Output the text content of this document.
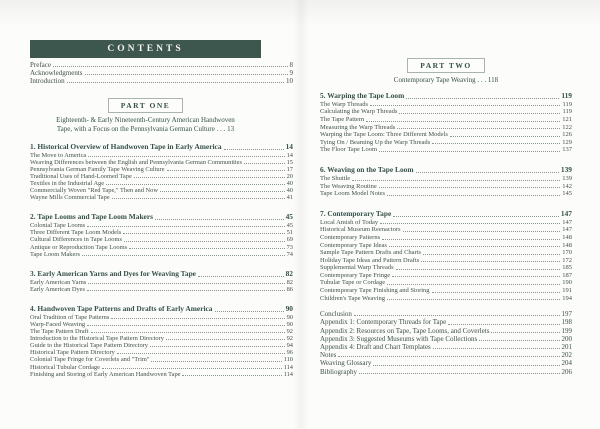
CONTENTS
Preface	8
Acknowledgments	9
Introduction	10
PART ONE
Eighteenth- & Early Nineteenth-Century American Handwoven
Tape, with a Focus on the Pennsylvania German Culture . . . 13
1. Historical Overview of Handwoven Tape in Early America	14
The Move to America	14
Weaving Differences between the English and Pennsylvania German Communities	15
Pennsylvania German Family Tape Weaving Culture	17
Traditional Uses of Hand-Loomed Tape	20
Textiles in the Industrial Age	40
Commercially Woven "Red Tape," Then and Now	40
Wayne Mills Commercial Tape	41
2. Tape Looms and Tape Loom Makers	45
Colonial Tape Looms	45
Three Different Tape Loom Models	51
Cultural Differences in Tape Looms	69
Antique or Reproduction Tape Looms	73
Tape Loom Makers	74
3. Early American Yarns and Dyes for Weaving Tape	82
Early American Yarns	82
Early American Dyes	86
4. Handwoven Tape Patterns and Drafts of Early America	90
Oral Tradition of Tape Patterns	90
Warp-Faced Weaving	90
The Tape Pattern Draft	92
Introduction to the Historical Tape Pattern Directory	92
Guide to the Historical Tape Pattern Directory	94
Historical Tape Pattern Directory	96
Colonial Tape Fringe for Coverlets and "Trim"	110
Historical Tubular Cordage	114
Finishing and Storing of Early American Handwoven Tape	114
PART TWO
Contemporary Tape Weaving . . . 118
5. Warping the Tape Loom	119
The Warp Threads	119
Calculating the Warp Threads	119
The Tape Pattern	121
Measuring the Warp Threads	122
Warping the Tape Loom: Three Different Models	126
Tying On / Beaming Up the Warp Threads	129
The Floor Tape Loom	137
6. Weaving on the Tape Loom	139
The Shuttle	139
The Weaving Routine	142
Tape Loom Model Notes	145
7. Contemporary Tape	147
Local Amish of Today	147
Historical Museum Reenactors	147
Contemporary Patterns	148
Contemporary Tape Ideas	148
Sample Tape Pattern Drafts and Charts	170
Holiday Tape Ideas and Pattern Drafts	172
Supplemental Warp Threads	185
Contemporary Tape Fringe	187
Tubular Tape or Cordage	190
Contemporary Tape Finishing and Storing	191
Children's Tape Weaving	194
Conclusion	197
Appendix 1: Contemporary Threads for Tape	198
Appendix 2: Resources on Tape, Tape Looms, and Coverlets	199
Appendix 3: Suggested Museums with Tape Collections	200
Appendix 4: Draft and Chart Templates	201
Notes	202
Weaving Glossary	204
Bibliography	206
